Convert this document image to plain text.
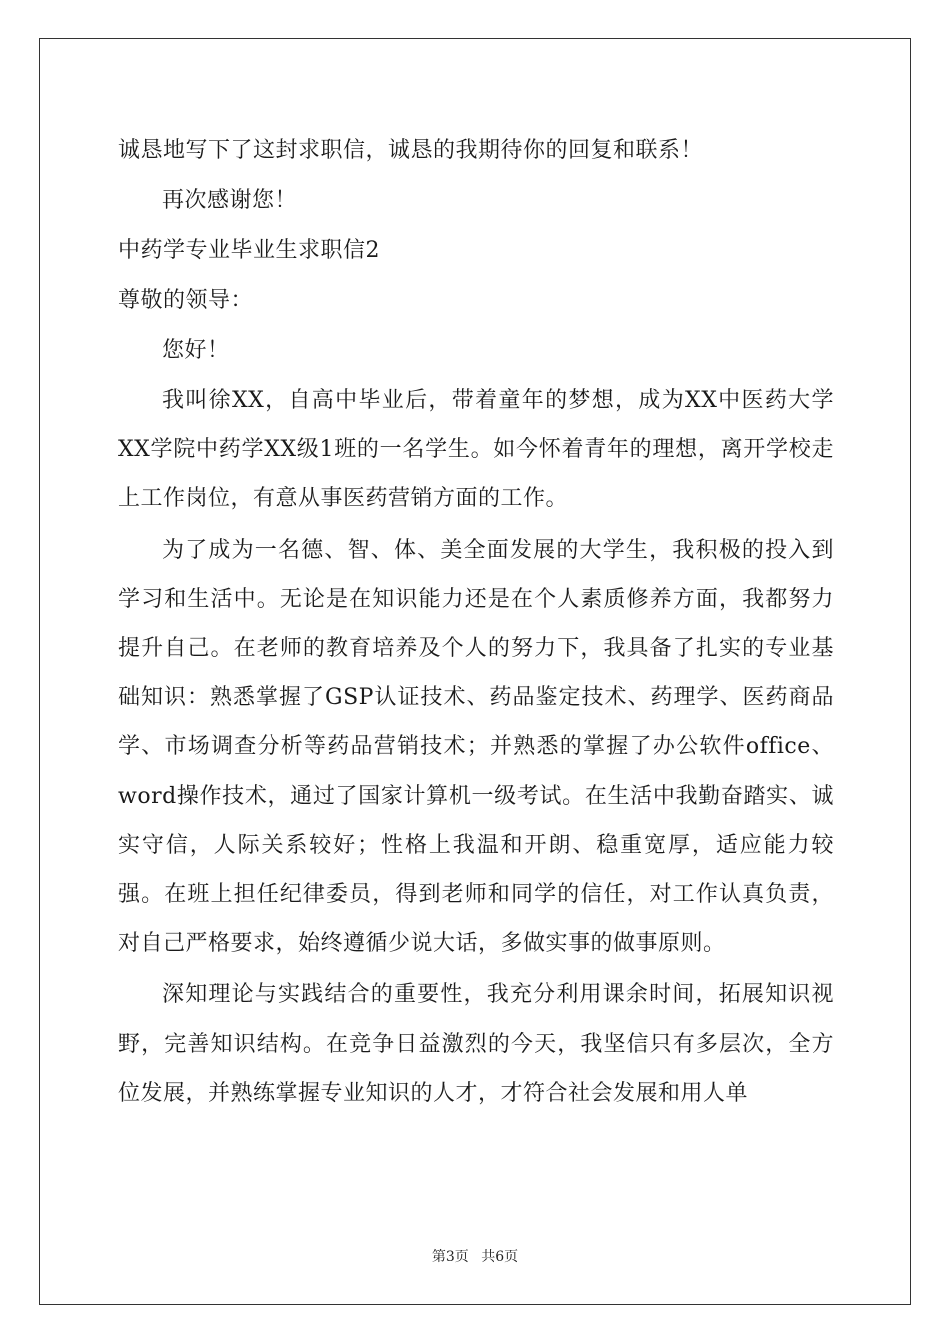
诚恳地写下了这封求职信，诚恳的我期待你的回复和联系！
再次感谢您！
中药学专业毕业生求职信2
尊敬的领导：
您好！

我叫徐XX，自高中毕业后，带着童年的梦想，成为XX中医药大学XX学院中药学XX级1班的一名学生。如今怀着青年的理想，离开学校走上工作岗位，有意从事医药营销方面的工作。

为了成为一名德、智、体、美全面发展的大学生，我积极的投入到学习和生活中。无论是在知识能力还是在个人素质修养方面，我都努力提升自己。在老师的教育培养及个人的努力下，我具备了扎实的专业基础知识：熟悉掌握了GSP认证技术、药品鉴定技术、药理学、医药商品学、市场调查分析等药品营销技术；并熟悉的掌握了办公软件office、word操作技术，通过了国家计算机一级考试。在生活中我勤奋踏实、诚实守信，人际关系较好；性格上我温和开朗、稳重宽厚，适应能力较强。在班上担任纪律委员，得到老师和同学的信任，对工作认真负责，对自己严格要求，始终遵循少说大话，多做实事的做事原则。

深知理论与实践结合的重要性，我充分利用课余时间，拓展知识视野，完善知识结构。在竞争日益激烈的今天，我坚信只有多层次，全方位发展，并熟练掌握专业知识的人才，才符合社会发展和用人单

第3页 共6页
